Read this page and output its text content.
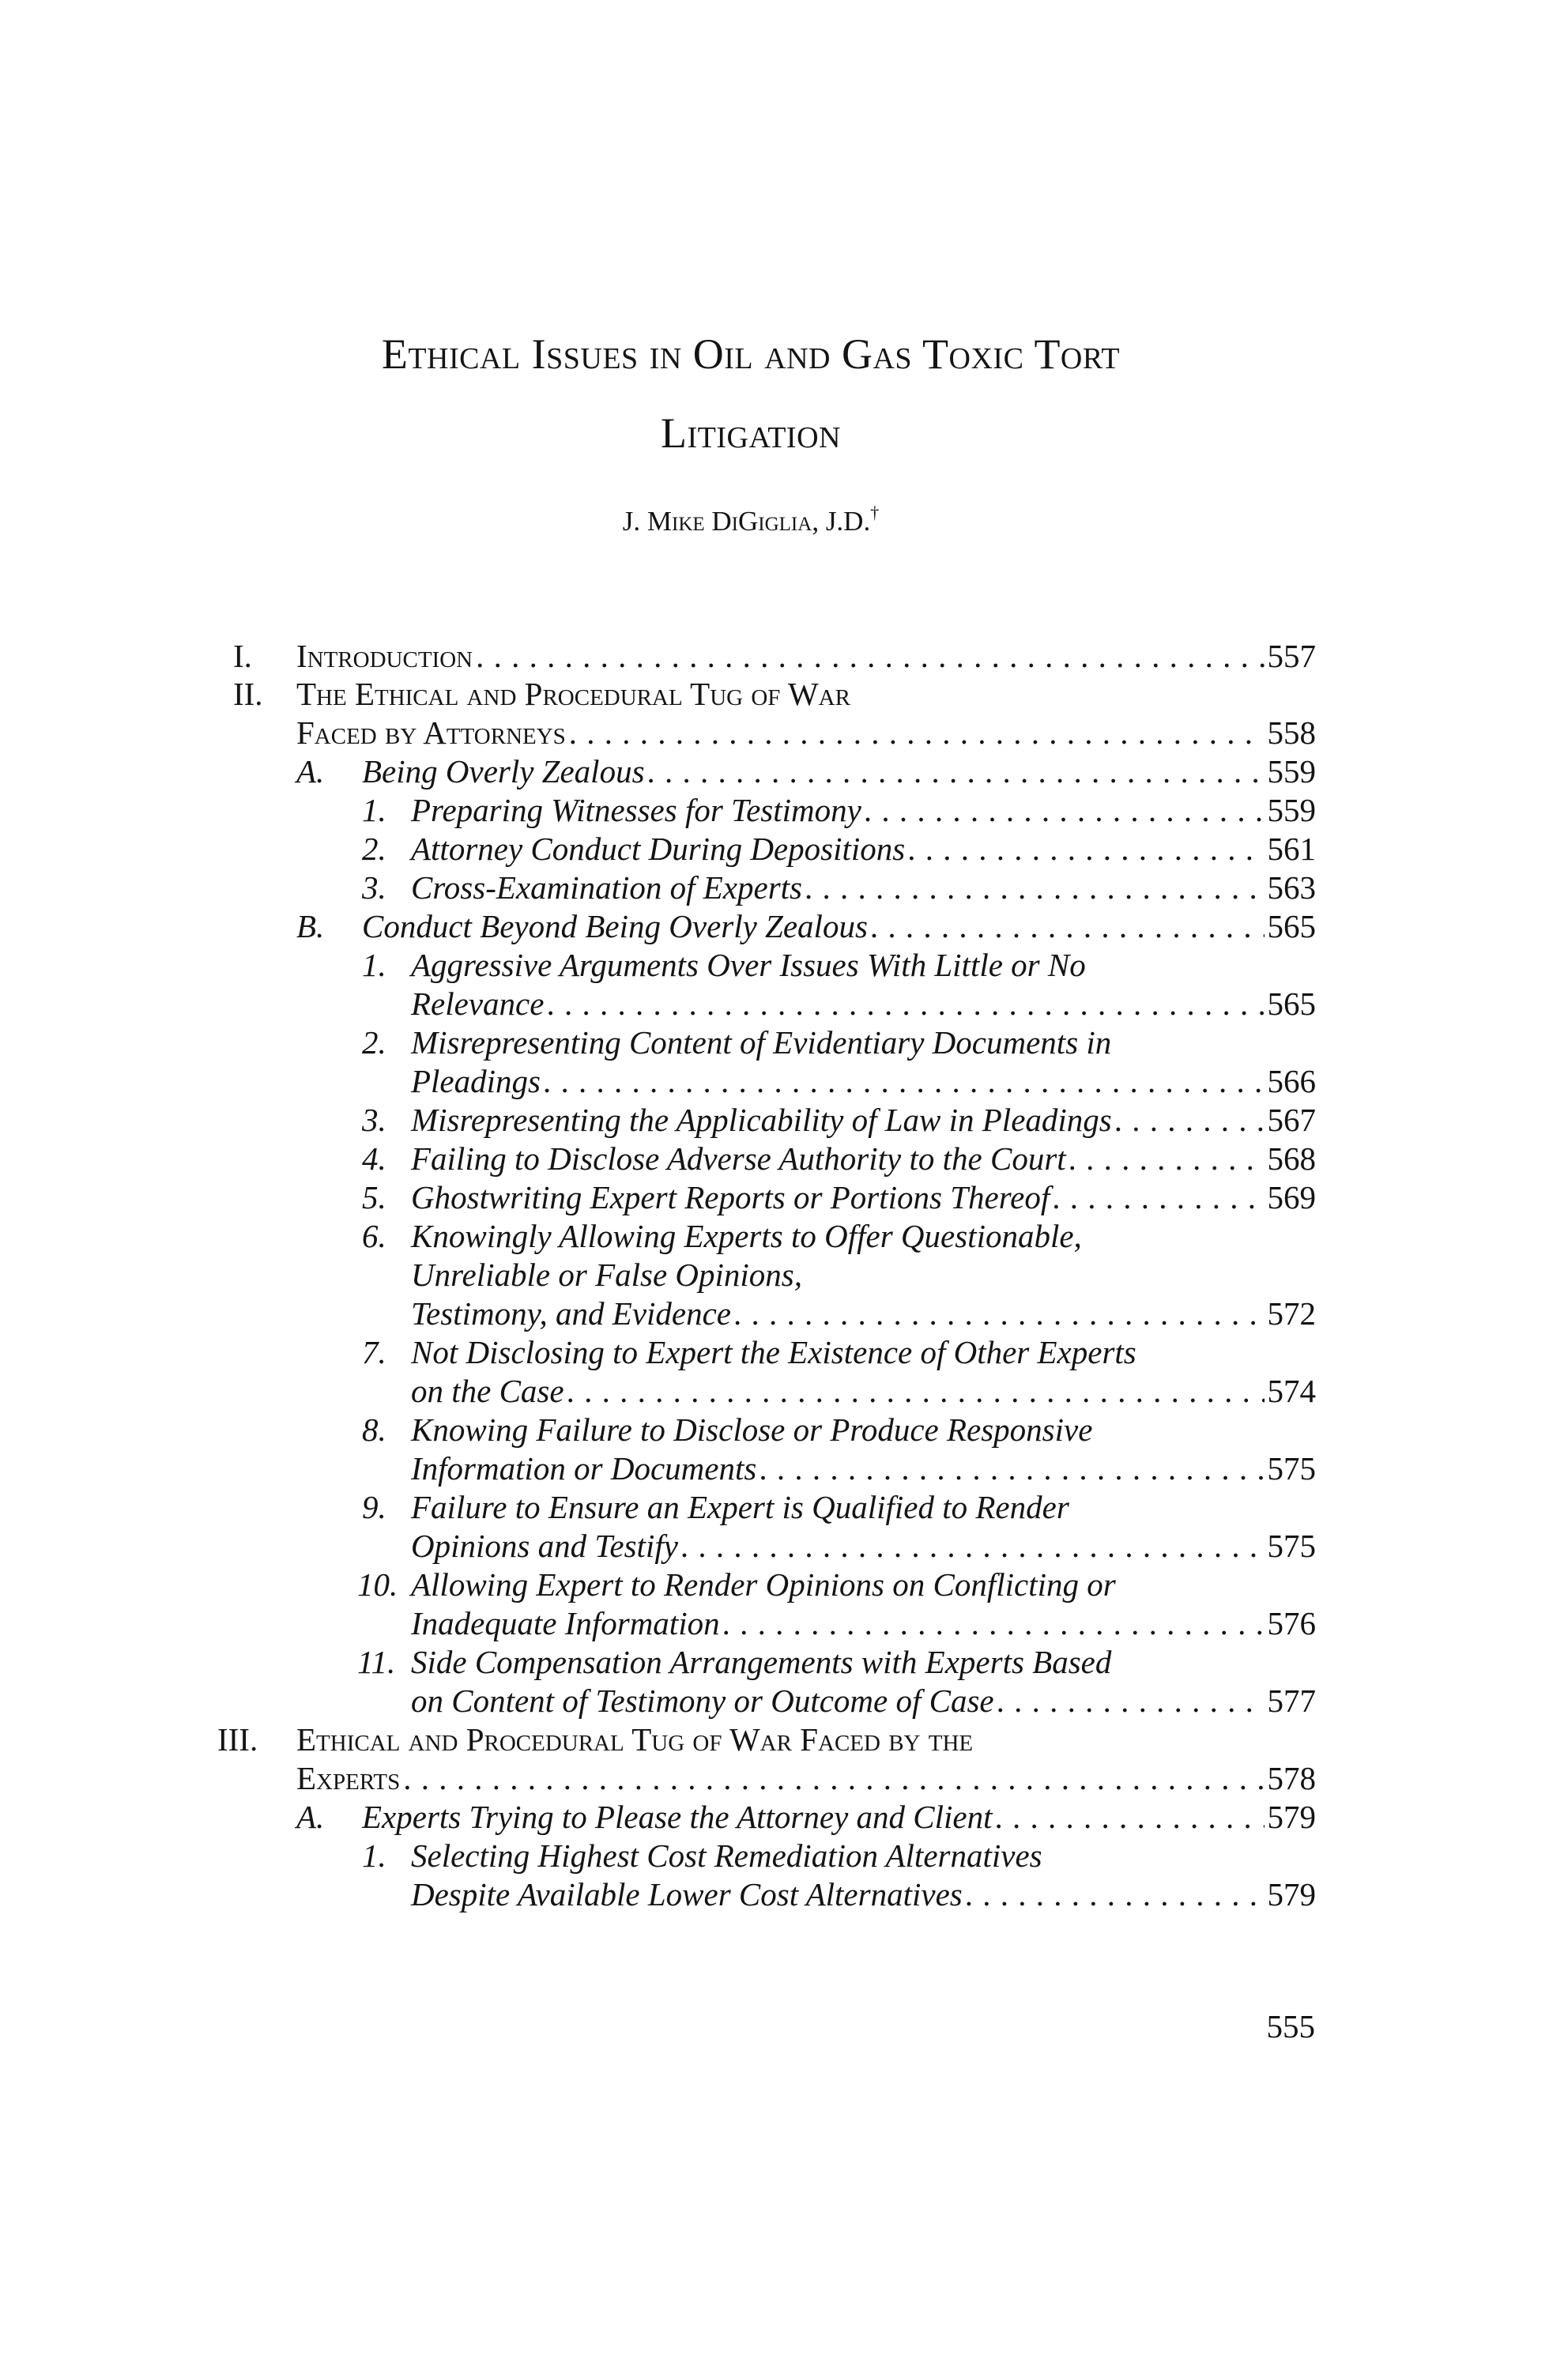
Ethical Issues in Oil and Gas Toxic Tort
Litigation
J. Mike DiGiglia, J.D.†
I. Introduction . . .	557
II. The Ethical and Procedural Tug of War
Faced by Attorneys . . .	558
A. Being Overly Zealous . . .	559
1. Preparing Witnesses for Testimony . . .	559
2. Attorney Conduct During Depositions . . .	561
3. Cross-Examination of Experts . . .	563
B. Conduct Beyond Being Overly Zealous . . .	565
1. Aggressive Arguments Over Issues With Little or No
Relevance . . .	565
2. Misrepresenting Content of Evidentiary Documents in
Pleadings . . .	566
3. Misrepresenting the Applicability of Law in Pleadings . . .	567
4. Failing to Disclose Adverse Authority to the Court . . .	568
5. Ghostwriting Expert Reports or Portions Thereof . . .	569
6. Knowingly Allowing Experts to Offer Questionable,
Unreliable or False Opinions,
Testimony, and Evidence . . .	572
7. Not Disclosing to Expert the Existence of Other Experts
on the Case . . .	574
8. Knowing Failure to Disclose or Produce Responsive
Information or Documents . . .	575
9. Failure to Ensure an Expert is Qualified to Render
Opinions and Testify . . .	575
10. Allowing Expert to Render Opinions on Conflicting or
Inadequate Information . . .	576
11. Side Compensation Arrangements with Experts Based
on Content of Testimony or Outcome of Case . . .	577
III. Ethical and Procedural Tug of War Faced by the
Experts . . .	578
A. Experts Trying to Please the Attorney and Client . . .	579
1. Selecting Highest Cost Remediation Alternatives
Despite Available Lower Cost Alternatives . . .	579
555
